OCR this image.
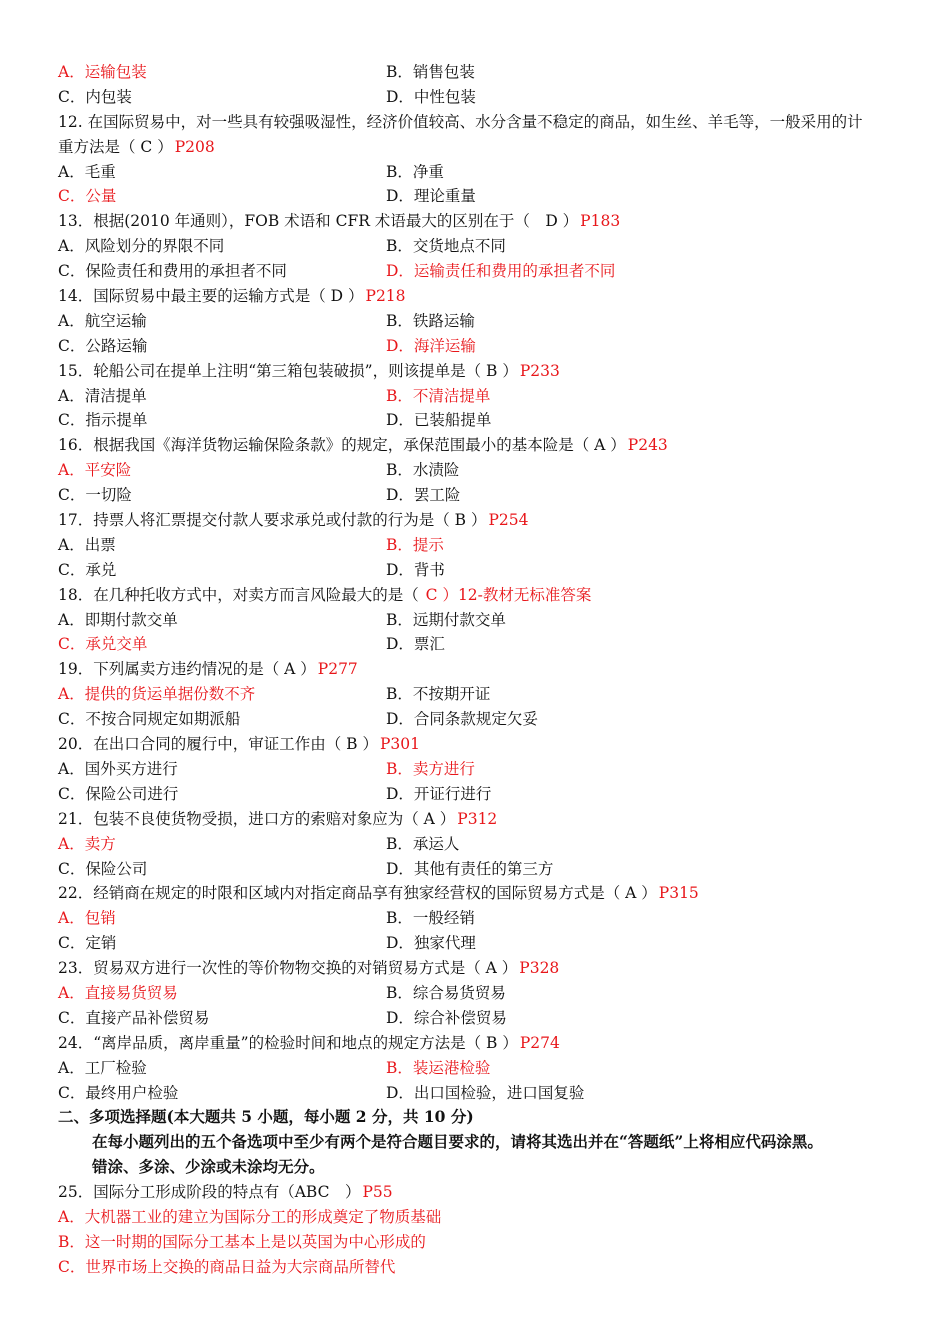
A．运输包装	B．销售包装
C．内包装	D．中性包装
12. 在国际贸易中，对一些具有较强吸湿性，经济价值较高、水分含量不稳定的商品，如生丝、羊毛等，一般采用的计
重方法是（ C ） P208
A．毛重	B．净重
C．公量	D．理论重量
13．根据(2010 年通则），FOB 术语和 CFR 术语最大的区别在于（　D ） P183
A．风险划分的界限不同	B．交货地点不同
C．保险责任和费用的承担者不同	D．运输责任和费用的承担者不同
14．国际贸易中最主要的运输方式是（ D ） P218
A．航空运输	B．铁路运输
C．公路运输	D．海洋运输
15．轮船公司在提单上注明“第三箱包装破损”，则该提单是（ B ） P233
A．清洁提单	B．不清洁提单
C．指示提单	D．已装船提单
16．根据我国《海洋货物运输保险条款》的规定，承保范围最小的基本险是（ A ） P243
A．平安险	B．水渍险
C．一切险	D．罢工险
17．持票人将汇票提交付款人要求承兑或付款的行为是（ B ） P254
A．出票	B．提示
C．承兑	D．背书
18．在几种托收方式中，对卖方而言风险最大的是（ C ）12-教材无标准答案
A．即期付款交单	B．远期付款交单
C．承兑交单	D．票汇
19．下列属卖方违约情况的是（ A ） P277
A．提供的货运单据份数不齐	B．不按期开证
C．不按合同规定如期派船	D．合同条款规定欠妥
20．在出口合同的履行中，审证工作由（ B ） P301
A．国外买方进行	B．卖方进行
C．保险公司进行	D．开证行进行
21．包装不良使货物受损，进口方的索赔对象应为（ A ） P312
A．卖方	B．承运人
C．保险公司	D．其他有责任的第三方
22．经销商在规定的时限和区域内对指定商品享有独家经营权的国际贸易方式是（ A ） P315
A．包销	B．一般经销
C．定销	D．独家代理
23．贸易双方进行一次性的等价物物交换的对销贸易方式是（ A ） P328
A．直接易货贸易	B．综合易货贸易
C．直接产品补偿贸易	D．综合补偿贸易
24．“离岸品质，离岸重量”的检验时间和地点的规定方法是（ B ） P274
A．工厂检验	B．装运港检验
C．最终用户检验	D．出口国检验，进口国复验
二、多项选择题(本大题共 5 小题，每小题 2 分，共 10 分)
在每小题列出的五个备选项中至少有两个是符合题目要求的，请将其选出并在“答题纸”上将相应代码涂黑。
错涂、多涂、少涂或未涂均无分。
25．国际分工形成阶段的特点有（ABC　） P55
A．大机器工业的建立为国际分工的形成奠定了物质基础
B．这一时期的国际分工基本上是以英国为中心形成的
C．世界市场上交换的商品日益为大宗商品所替代
